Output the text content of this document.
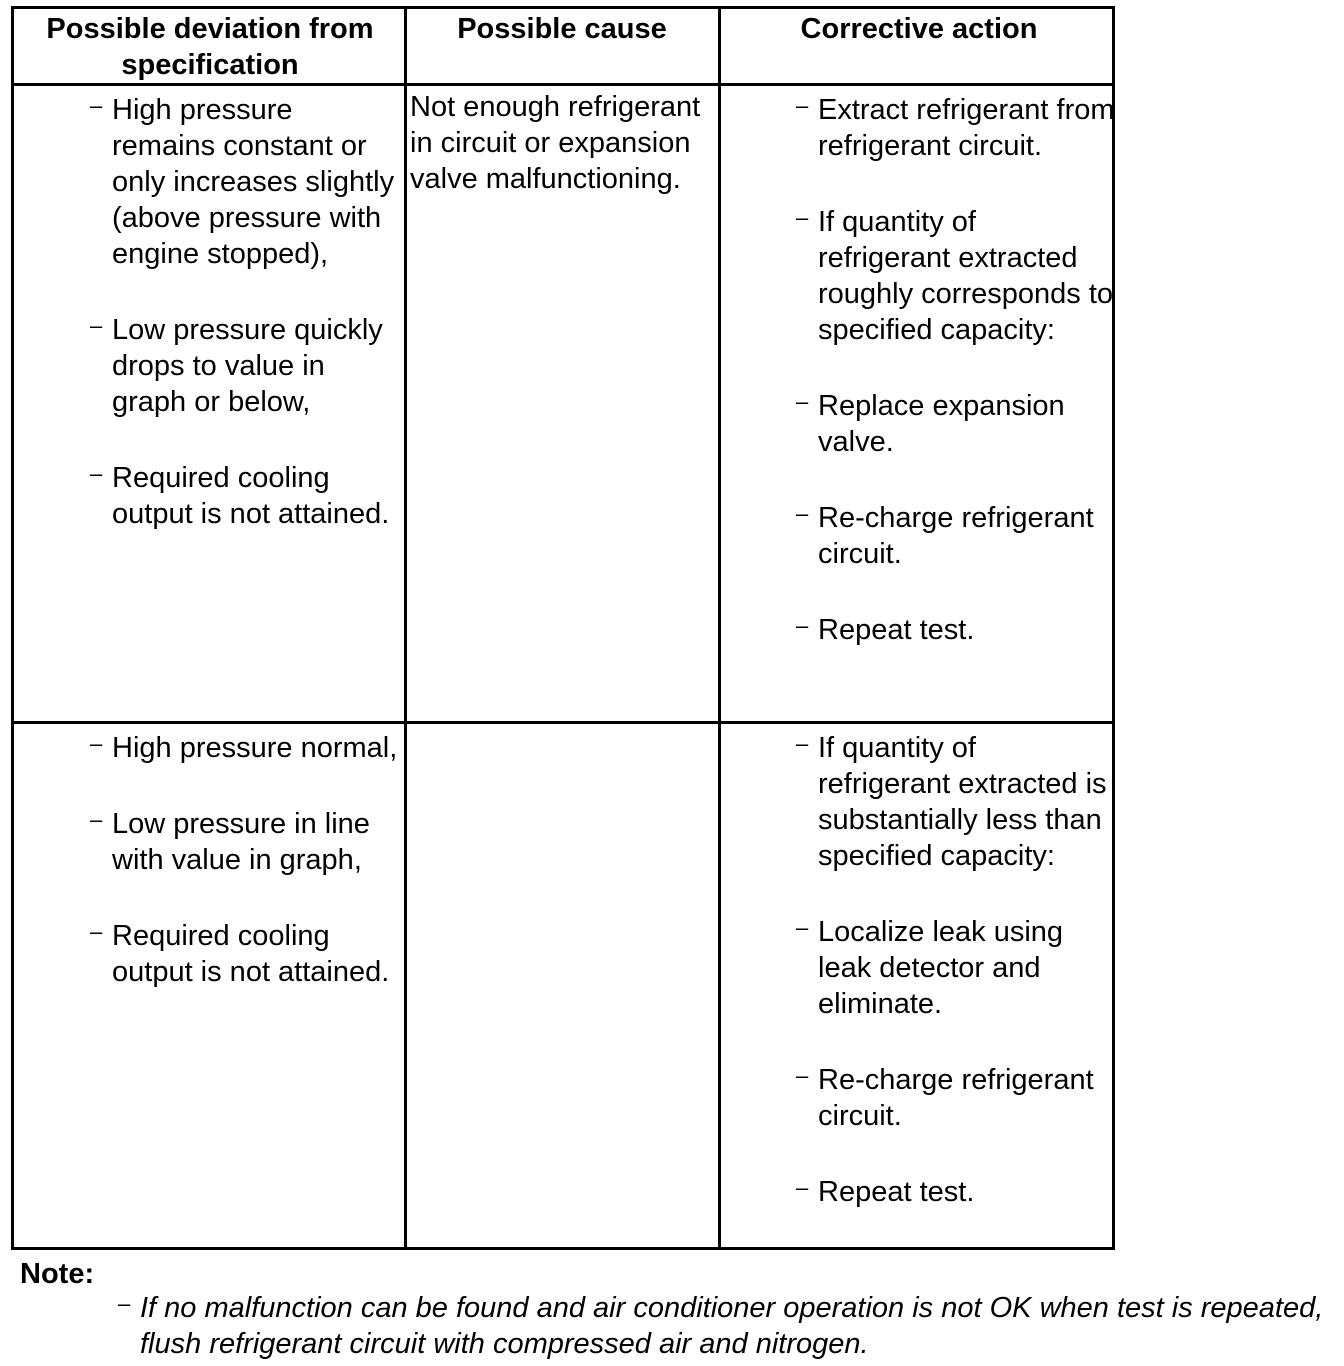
Possible deviation from specification
Possible cause	Corrective action
– High pressure remains constant or only increases slightly (above pressure with engine stopped),
– Low pressure quickly drops to value in graph or below,
– Required cooling output is not attained.
Not enough refrigerant in circuit or expansion valve malfunctioning.
– Extract refrigerant from refrigerant circuit.
– If quantity of refrigerant extracted roughly corresponds to specified capacity:
– Replace expansion valve.
– Re-charge refrigerant circuit.
– Repeat test.
– High pressure normal,
– Low pressure in line with value in graph,
– Required cooling output is not attained.
– If quantity of refrigerant extracted is substantially less than specified capacity:
– Localize leak using leak detector and eliminate.
– Re-charge refrigerant circuit.
– Repeat test.
Note:
– If no malfunction can be found and air conditioner operation is not OK when test is repeated, flush refrigerant circuit with compressed air and nitrogen.
